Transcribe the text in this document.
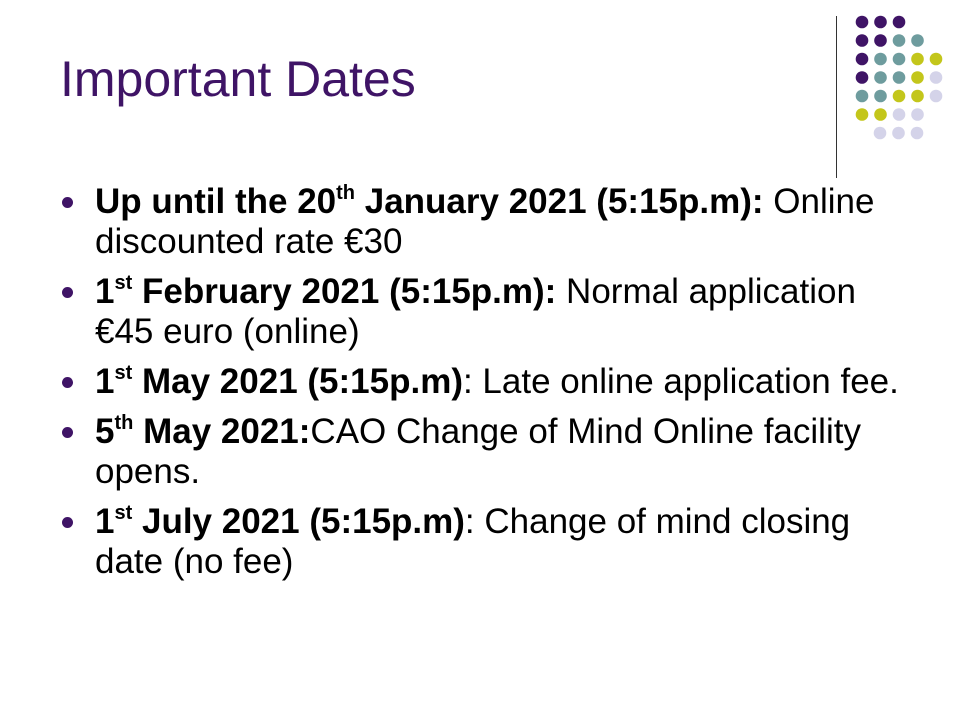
Important Dates
Up until the 20th January 2021 (5:15p.m): Online discounted rate €30
1st February 2021 (5:15p.m): Normal application €45 euro (online)
1st May 2021 (5:15p.m): Late online application fee.
5th May 2021:CAO Change of Mind Online facility opens.
1st July 2021 (5:15p.m): Change of mind closing date (no fee)
